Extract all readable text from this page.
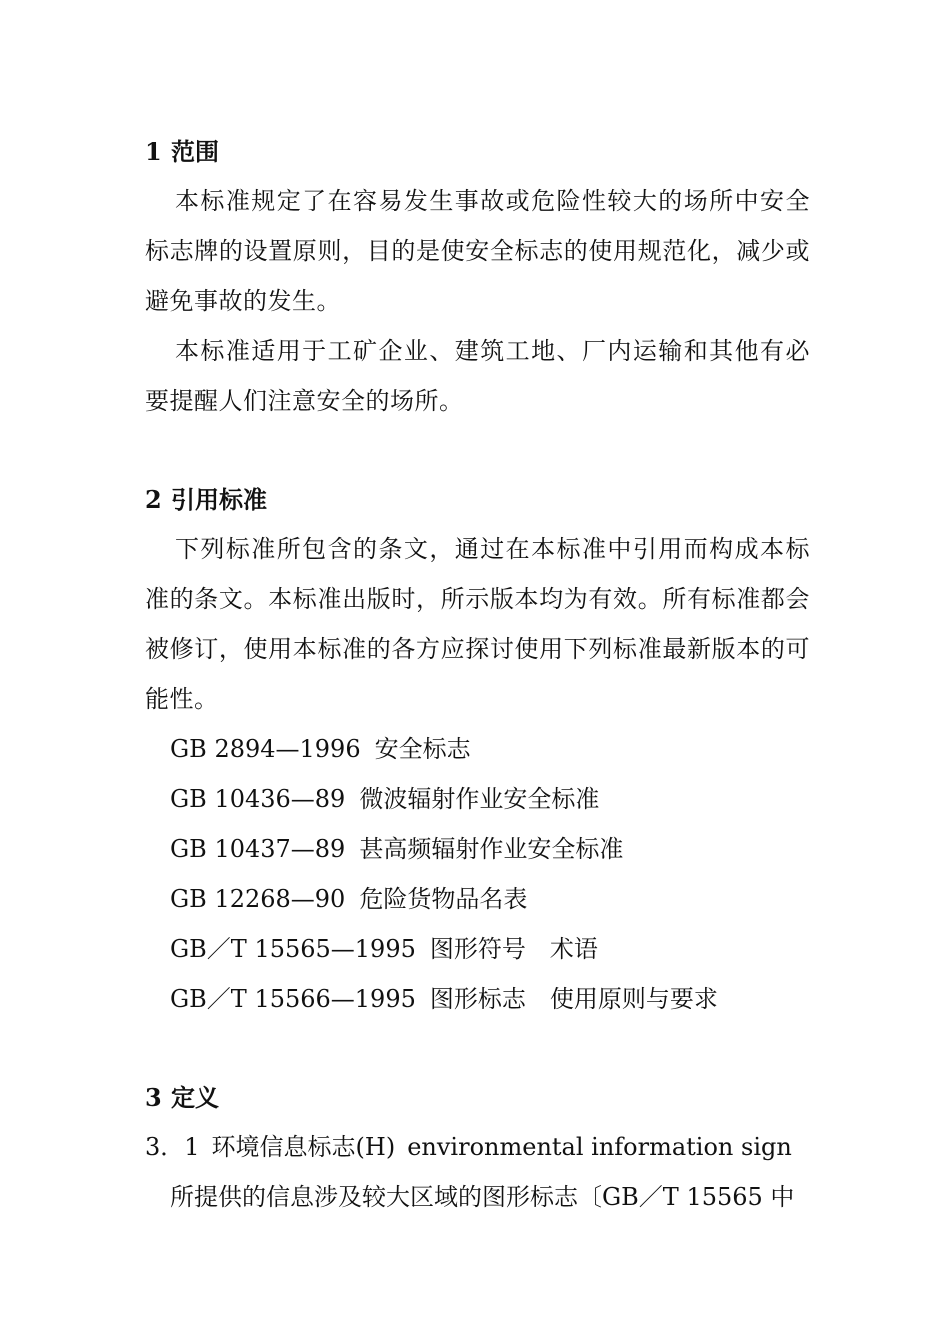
1 范围
本标准规定了在容易发生事故或危险性较大的场所中安全标志牌的设置原则，目的是使安全标志的使用规范化，减少或避免事故的发生。
本标准适用于工矿企业、建筑工地、厂内运输和其他有必要提醒人们注意安全的场所。
2 引用标准
下列标准所包含的条文，通过在本标准中引用而构成本标准的条文。本标准出版时，所示版本均为有效。所有标准都会被修订，使用本标准的各方应探讨使用下列标准最新版本的可能性。
GB 2894—1996 安全标志
GB 10436—89 微波辐射作业安全标准
GB 10437—89 甚高频辐射作业安全标准
GB 12268—90 危险货物品名表
GB／T 15565—1995 图形符号　术语
GB／T 15566—1995 图形标志　使用原则与要求
3 定义
3．1 环境信息标志(H) environmental information sign
所提供的信息涉及较大区域的图形标志〔GB／T 15565 中
